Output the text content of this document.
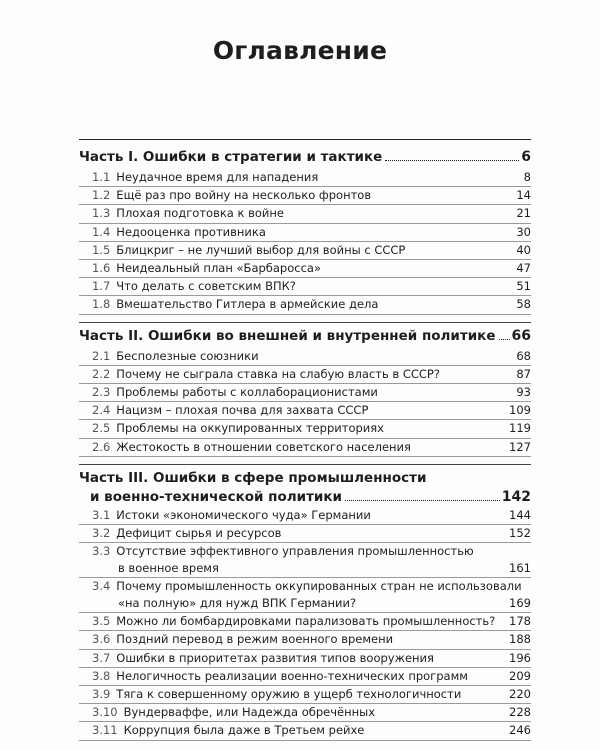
Оглавление
Часть I. Ошибки в стратегии и тактике	6
1.1 Неудачное время для нападения	8
1.2 Ещё раз про войну на несколько фронтов	14
1.3 Плохая подготовка к войне	21
1.4 Недооценка противника	30
1.5 Блицкриг – не лучший выбор для войны с СССР	40
1.6 Неидеальный план «Барбаросса»	47
1.7 Что делать с советским ВПК?	51
1.8 Вмешательство Гитлера в армейские дела	58
Часть II. Ошибки во внешней и внутренней политике 66
2.1 Бесполезные союзники	68
2.2 Почему не сыграла ставка на слабую власть в СССР?	87
2.3 Проблемы работы с коллаборационистами	93
2.4 Нацизм – плохая почва для захвата СССР	109
2.5 Проблемы на оккупированных территориях	119
2.6 Жестокость в отношении советского населения	127
Часть III. Ошибки в сфере промышленности
и военно-технической политики	142
3.1 Истоки «экономического чуда» Германии	144
3.2 Дефицит сырья и ресурсов	152
3.3 Отсутствие эффективного управления промышленностью
в военное время	161
3.4 Почему промышленность оккупированных стран не использовали
«на полную» для нужд ВПК Германии?	169
3.5 Можно ли бомбардировками парализовать промышленность? 178
3.6 Поздний перевод в режим военного времени	188
3.7 Ошибки в приоритетах развития типов вооружения	196
3.8 Нелогичность реализации военно-технических программ	209
3.9 Тяга к совершенному оружию в ущерб технологичности	220
3.10 Вундерваффе, или Надежда обречённых	228
3.11 Коррупция была даже в Третьем рейхе	246
